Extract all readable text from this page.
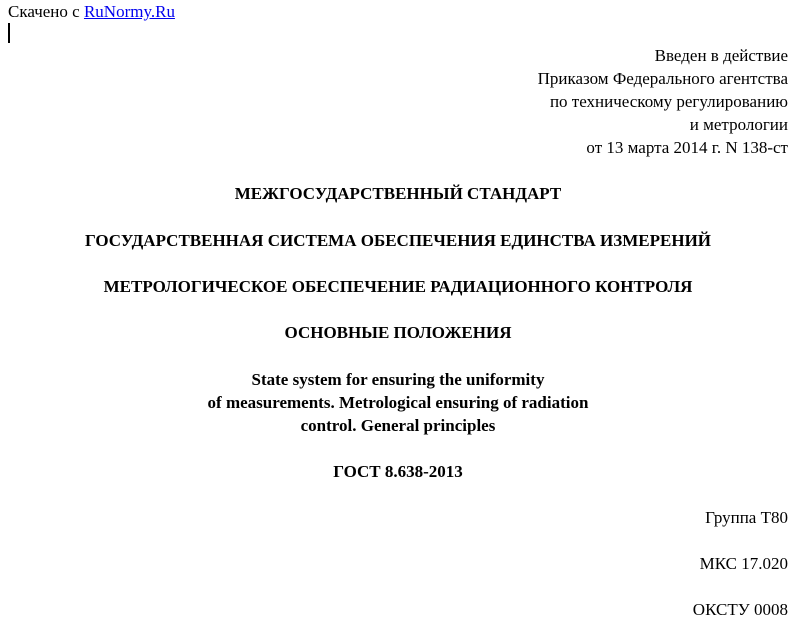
Скачено с RuNormy.Ru
Введен в действие
Приказом Федерального агентства
по техническому регулированию
и метрологии
от 13 марта 2014 г. N 138-ст
МЕЖГОСУДАРСТВЕННЫЙ СТАНДАРТ
ГОСУДАРСТВЕННАЯ СИСТЕМА ОБЕСПЕЧЕНИЯ ЕДИНСТВА ИЗМЕРЕНИЙ
МЕТРОЛОГИЧЕСКОЕ ОБЕСПЕЧЕНИЕ РАДИАЦИОННОГО КОНТРОЛЯ
ОСНОВНЫЕ ПОЛОЖЕНИЯ
State system for ensuring the uniformity
of measurements. Metrological ensuring of radiation
control. General principles
ГОСТ 8.638-2013
Группа Т80
МКС 17.020
ОКСТУ 0008
